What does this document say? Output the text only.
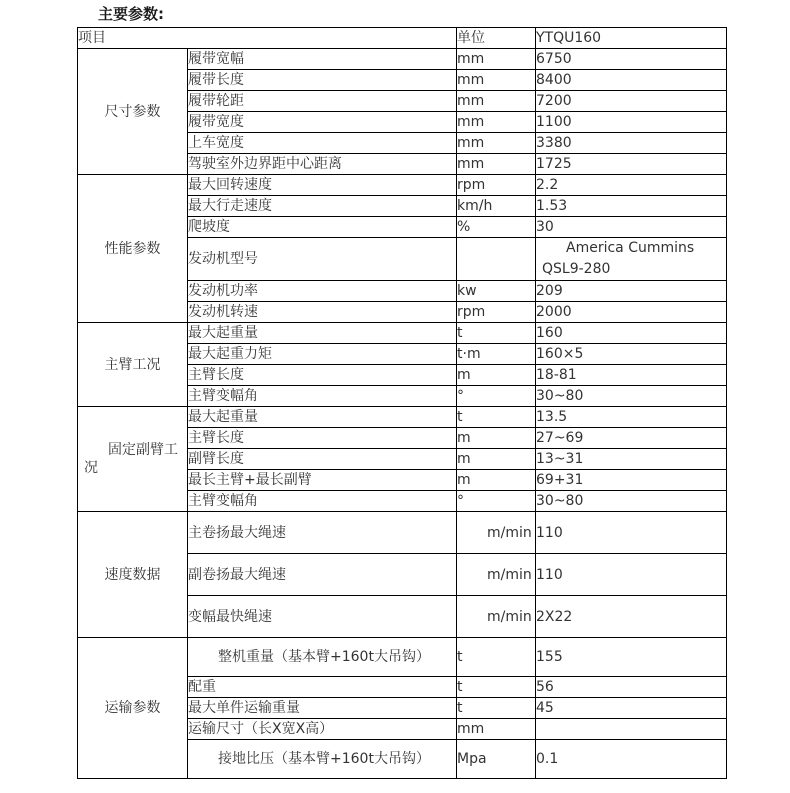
主要参数:
项目		单位	YTQU160
尺寸参数	履带宽幅	mm	6750
	履带长度	mm	8400
	履带轮距	mm	7200
	履带宽度	mm	1100
	上车宽度	mm	3380
	驾驶室外边界距中心距离	mm	1725
性能参数	最大回转速度	rpm	2.2
	最大行走速度	km/h	1.53
	爬坡度	%	30
	发动机型号		America Cummins QSL9-280
	发动机功率	kw	209
	发动机转速	rpm	2000
主臂工况	最大起重量	t	160
	最大起重力矩	t·m	160×5
	主臂长度	m	18-81
	主臂变幅角	°	30~80
固定副臂工况	最大起重量	t	13.5
	主臂长度	m	27~69
	副臂长度	m	13~31
	最长主臂+最长副臂	m	69+31
	主臂变幅角	°	30~80
速度数据	主卷扬最大绳速	m/min	110
	副卷扬最大绳速	m/min	110
	变幅最快绳速	m/min	2X22
运输参数	整机重量（基本臂+160t大吊钩）	t	155
	配重	t	56
	最大单件运输重量	t	45
	运输尺寸（长X宽X高）	mm	
	接地比压（基本臂+160t大吊钩）	Mpa	0.1
